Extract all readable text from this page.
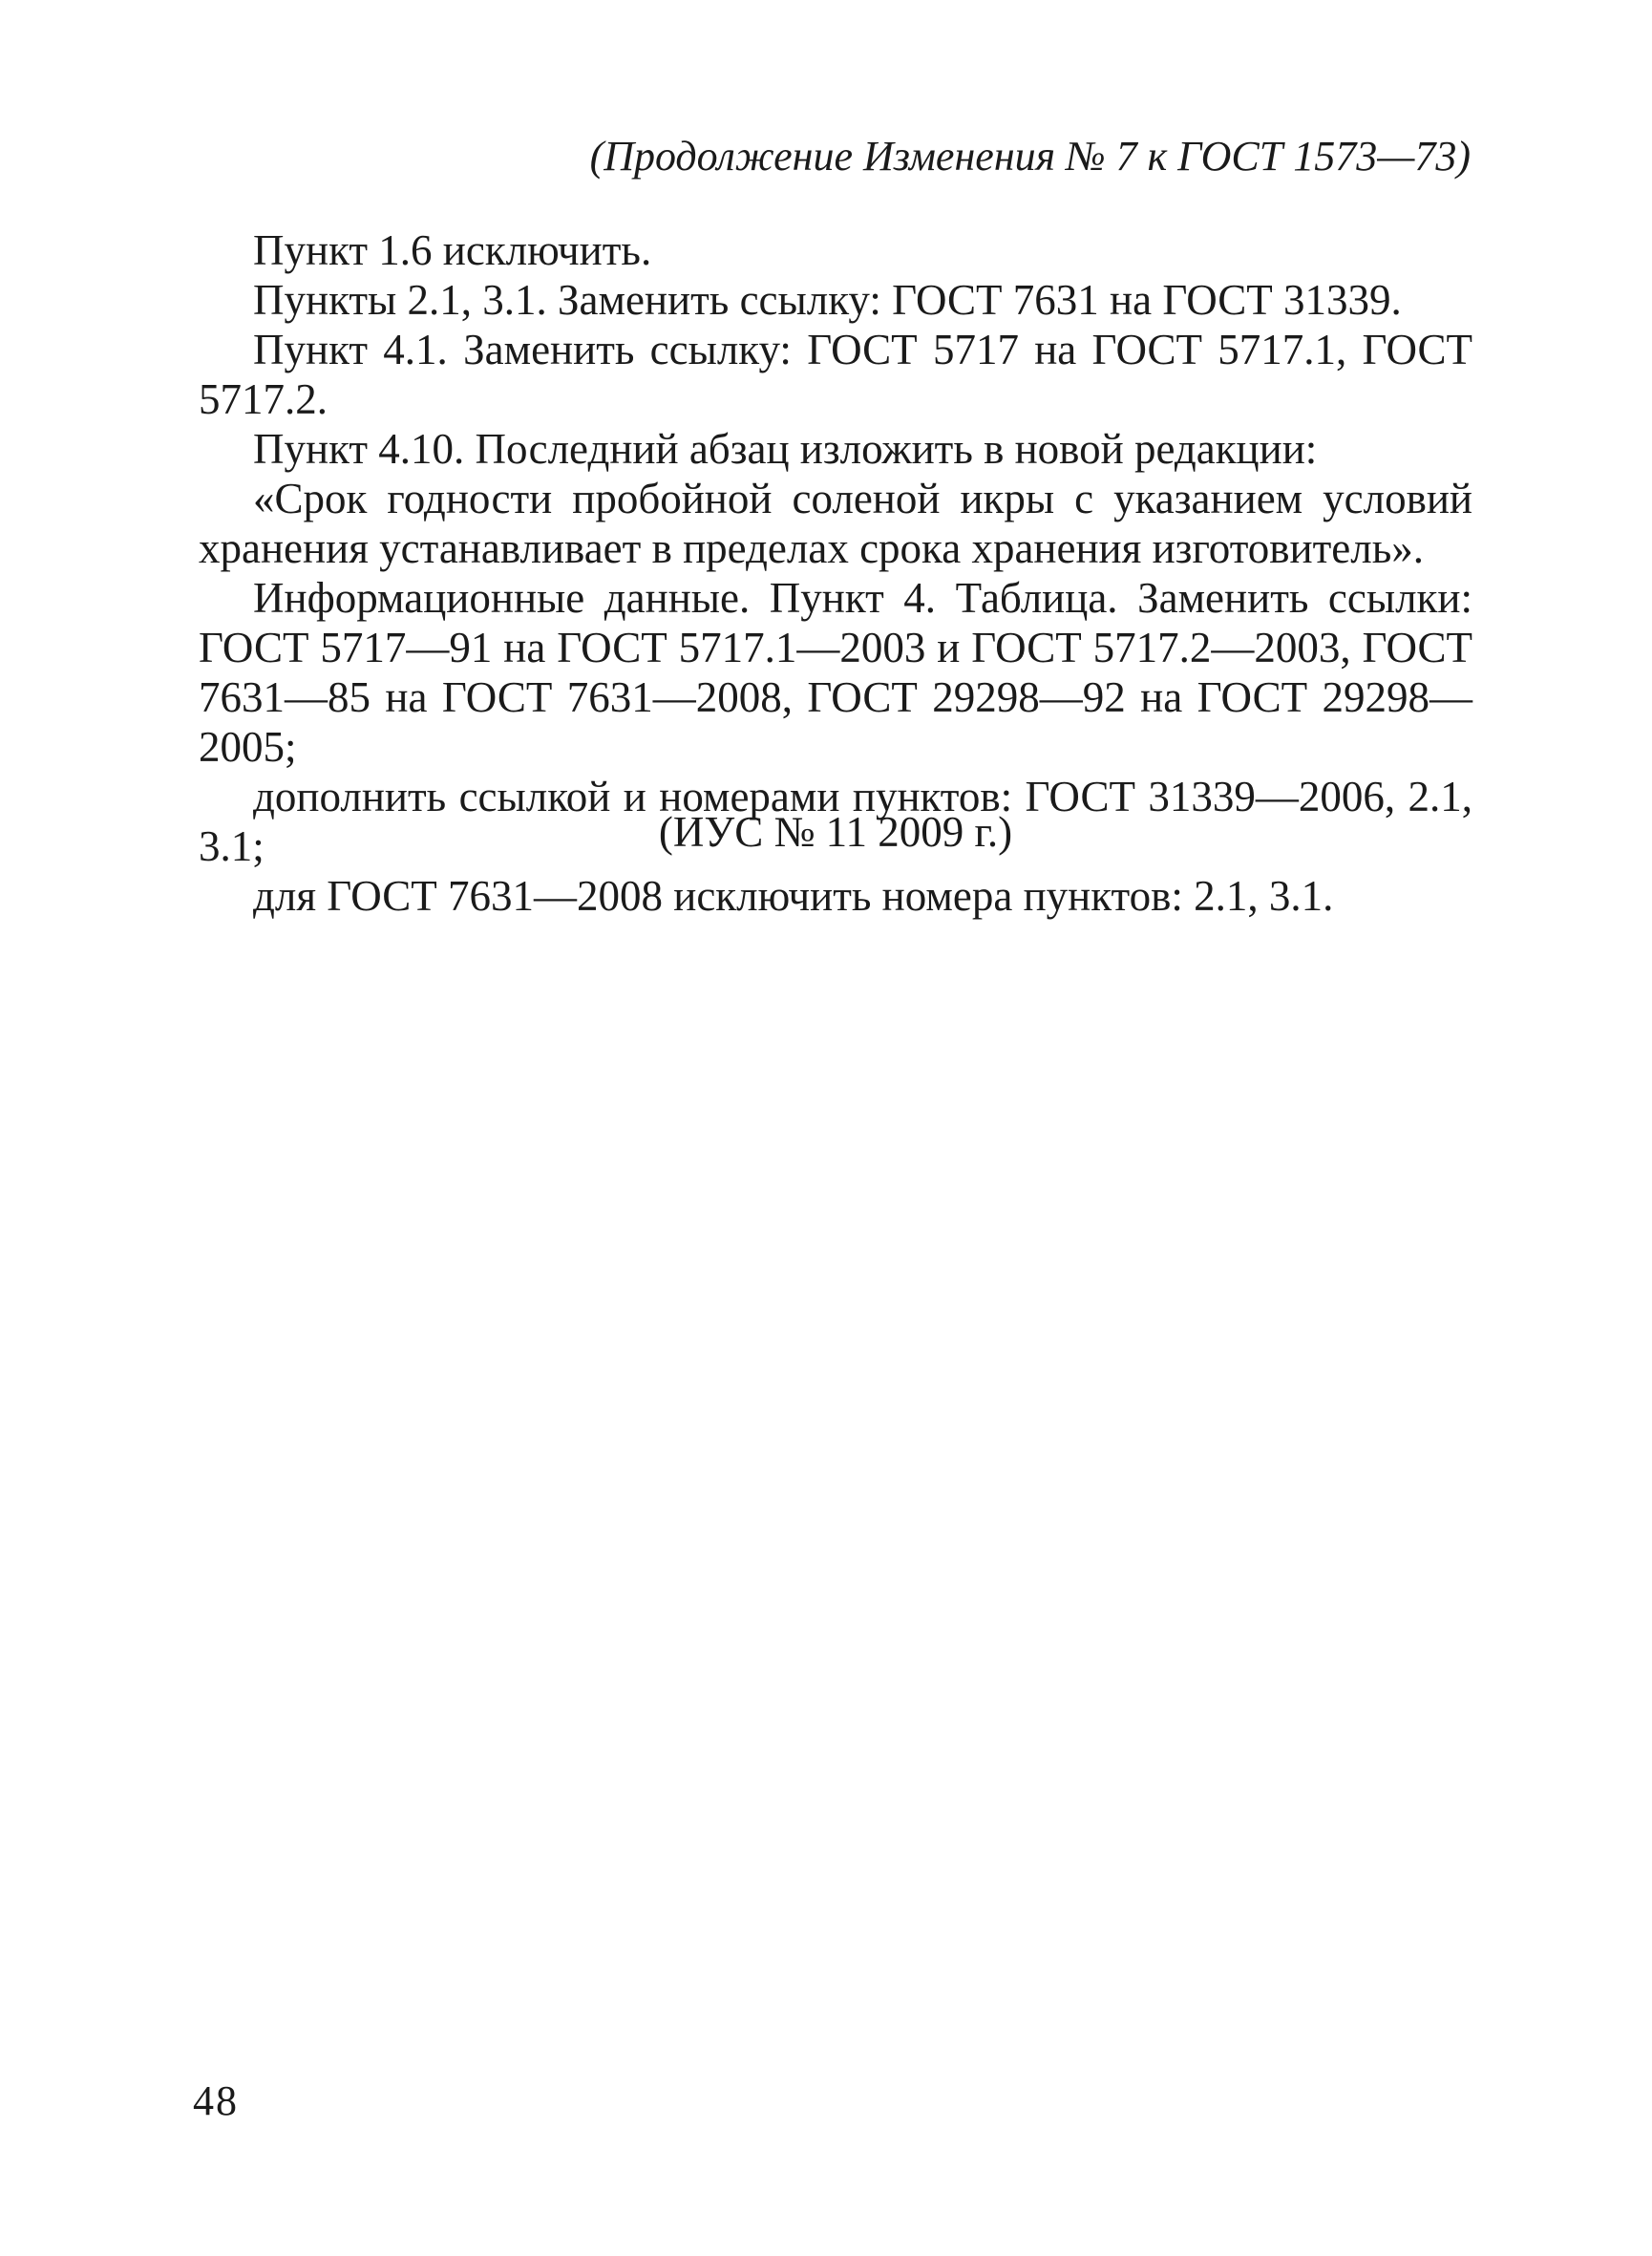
(Продолжение Изменения № 7 к ГОСТ 1573—73)

Пункт 1.6 исключить.

Пункты 2.1, 3.1. Заменить ссылку: ГОСТ 7631 на ГОСТ 31339.

Пункт 4.1. Заменить ссылку: ГОСТ 5717 на ГОСТ 5717.1, ГОСТ 5717.2.

Пункт 4.10. Последний абзац изложить в новой редакции:

«Срок годности пробойной соленой икры с указанием условий хранения устанавливает в пределах срока хранения изготовитель».

Информационные данные. Пункт 4. Таблица. Заменить ссылки: ГОСТ 5717—91 на ГОСТ 5717.1—2003 и ГОСТ 5717.2—2003, ГОСТ 7631—85 на ГОСТ 7631—2008, ГОСТ 29298—92 на ГОСТ 29298—2005;

дополнить ссылкой и номерами пунктов: ГОСТ 31339—2006, 2.1, 3.1;

для ГОСТ 7631—2008 исключить номера пунктов: 2.1, 3.1.

(ИУС № 11 2009 г.)
48
